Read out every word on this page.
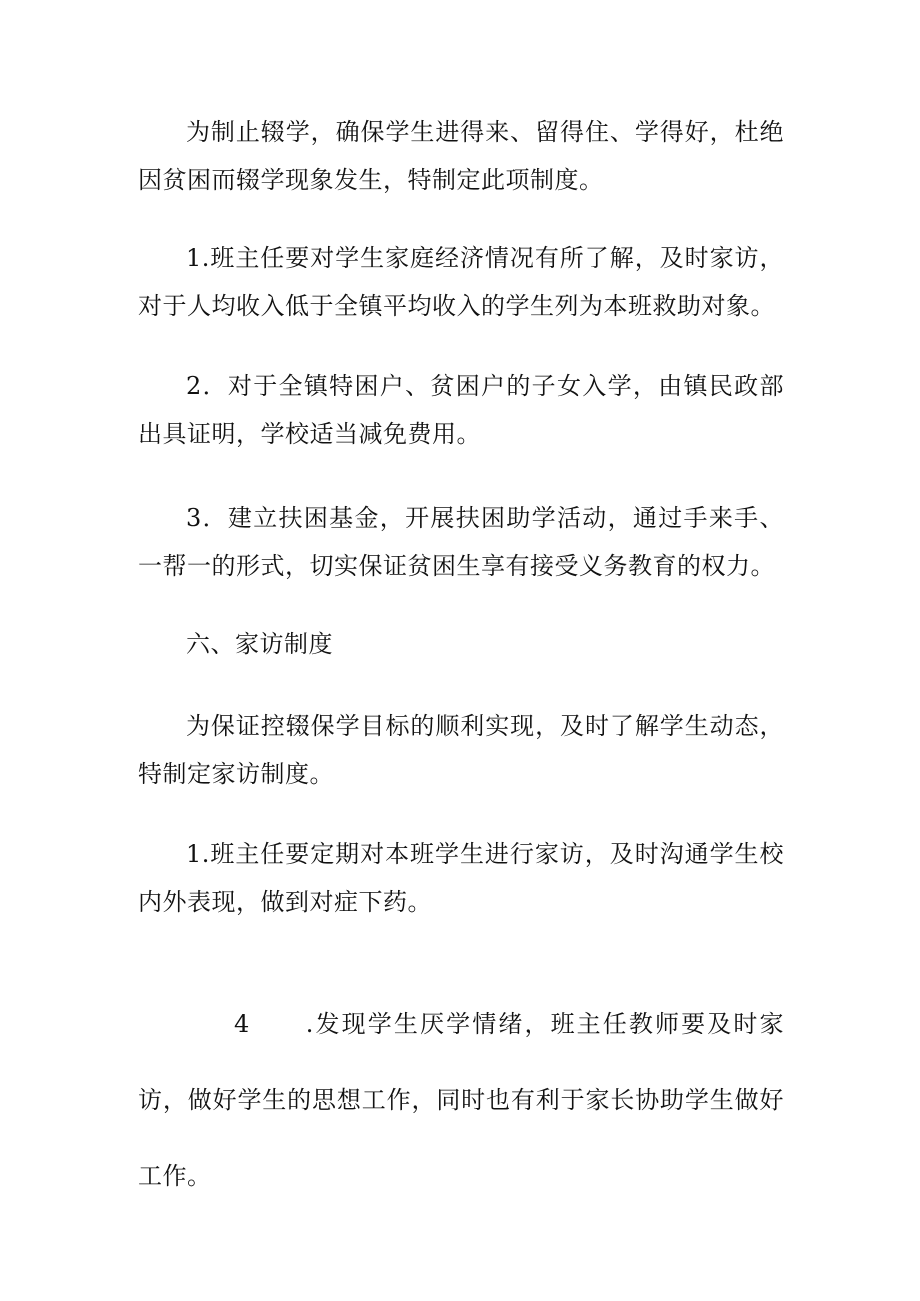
为制止辍学，确保学生进得来、留得住、学得好，杜绝因贫困而辍学现象发生，特制定此项制度。

1.班主任要对学生家庭经济情况有所了解，及时家访，对于人均收入低于全镇平均收入的学生列为本班救助对象。

2．对于全镇特困户、贫困户的子女入学，由镇民政部出具证明，学校适当减免费用。

3．建立扶困基金，开展扶困助学活动，通过手来手、一帮一的形式，切实保证贫困生享有接受义务教育的权力。

六、家访制度

为保证控辍保学目标的顺利实现，及时了解学生动态，特制定家访制度。

1.班主任要定期对本班学生进行家访，及时沟通学生校内外表现，做到对症下药。

4 .发现学生厌学情绪，班主任教师要及时家访，做好学生的思想工作，同时也有利于家长协助学生做好工作。
